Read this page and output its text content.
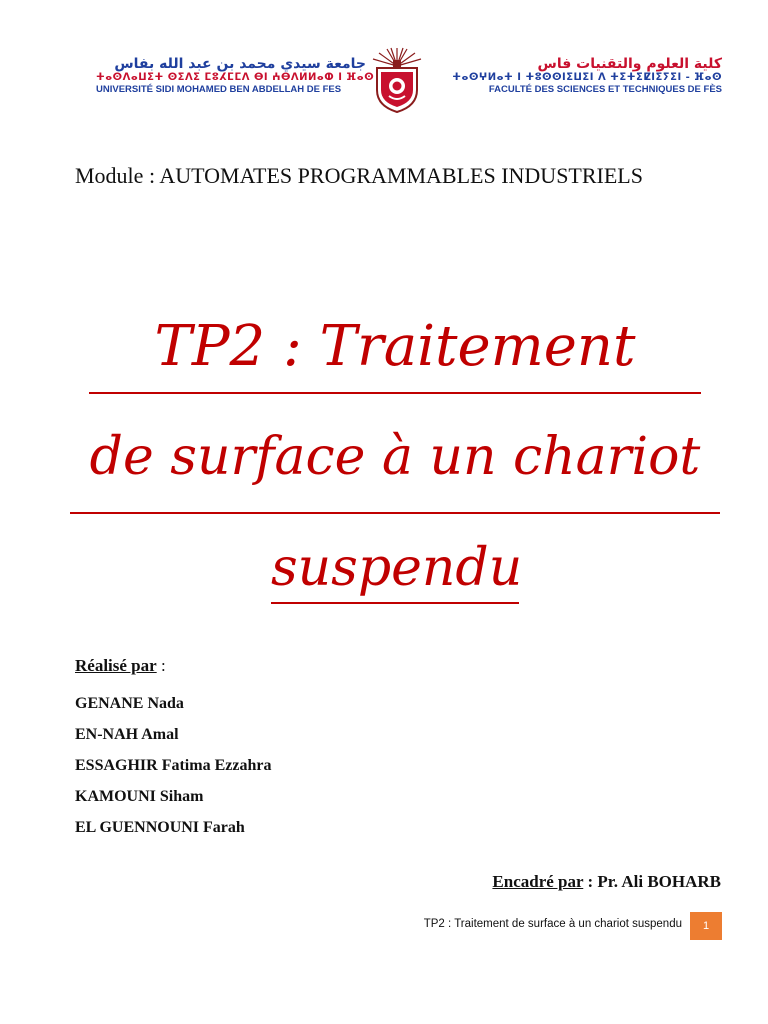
جامعة سيدي محمد بن عبد الله بفاس
ⵜⴰⵙⴷⴰⵡⵉⵜ ⵙⵉⴷⵉ ⵎⵓⵃⵎⵎⴷ ⴱⵏ ⵄⴱⴷⵍⵍⴰⵀ ⵏ ⴼⴰⵙ
UNIVERSITÉ SIDI MOHAMED BEN ABDELLAH DE FES
كلية العلوم والتقنيات فاس
ⵜⴰⵙⵖⵍⴰⵜ ⵏ ⵜⵓⵙⵙⵏⵉⵡⵉⵏ ⴷ ⵜⵉⵜⵉⵇⵏⵉⵢⵉⵏ - ⴼⴰⵙ
FACULTÉ DES SCIENCES ET TECHNIQUES DE FÈS
Module : AUTOMATES PROGRAMMABLES INDUSTRIELS
TP2 : Traitement
de surface à un chariot
suspendu
Réalisé par :
GENANE Nada
EN-NAH Amal
ESSAGHIR Fatima Ezzahra
KAMOUNI Siham
EL GUENNOUNI Farah
Encadré par : Pr. Ali BOHARB
TP2 : Traitement de surface à un chariot suspendu	1
